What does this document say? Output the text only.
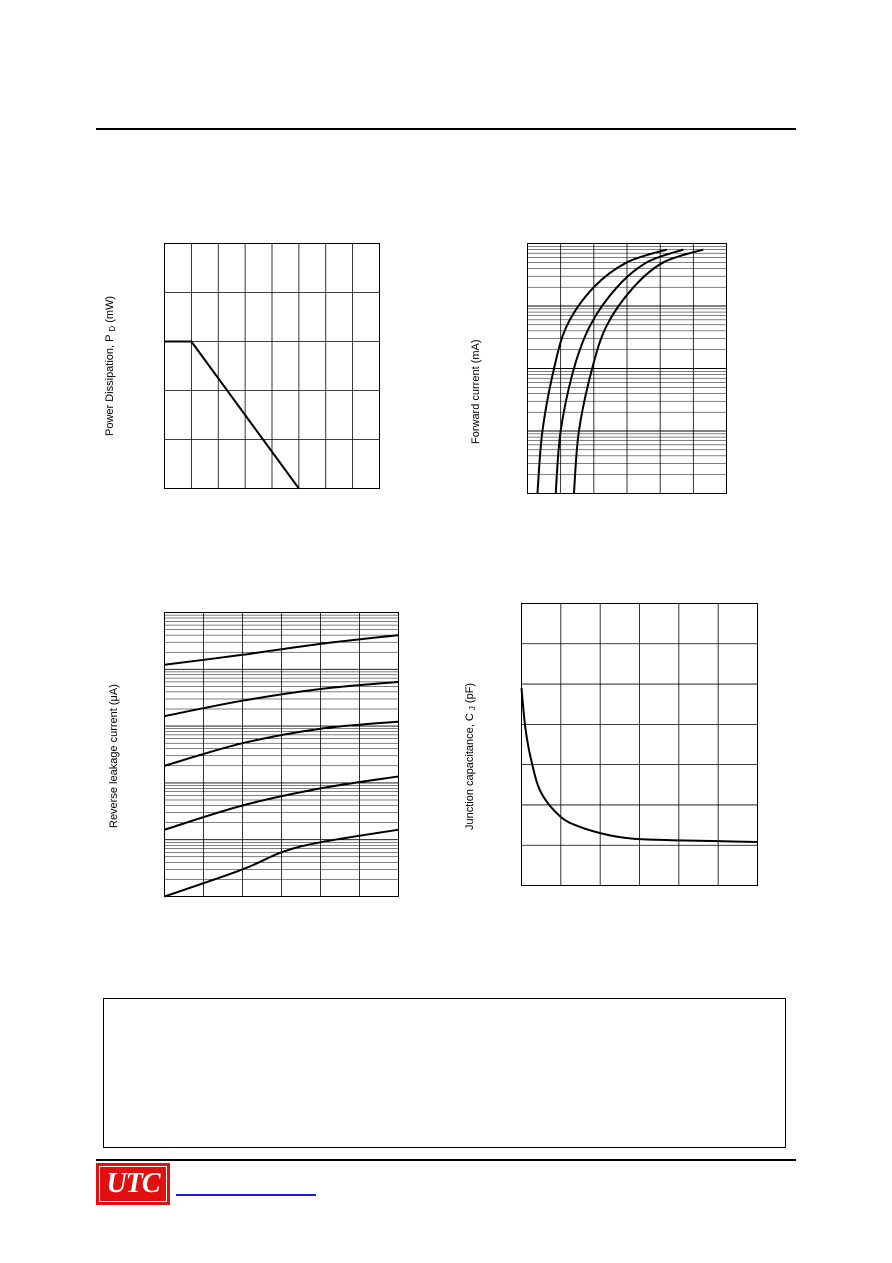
Power Dissipation, P $_D$ (mW)
Forward current (mA)
Reverse leakage current (μA)	Junction capacitance, C $_J$ (pF)
UTC
